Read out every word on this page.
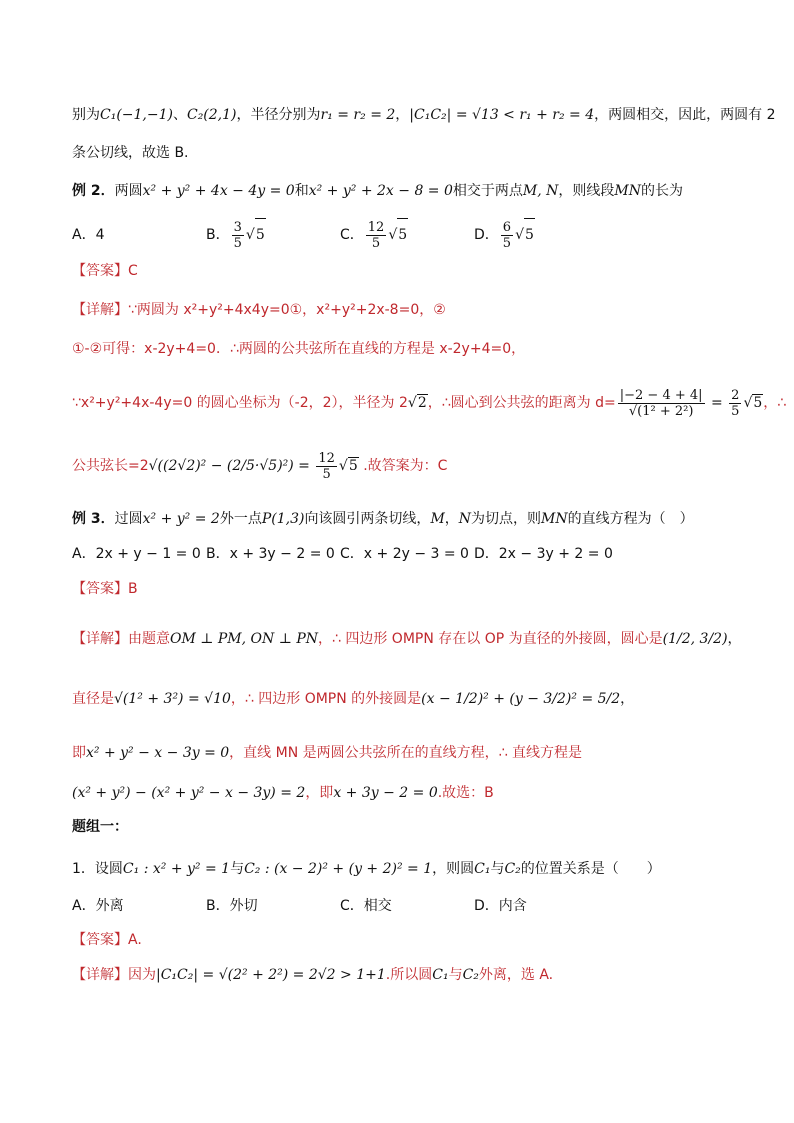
别为C₁(−1,−1)、C₂(2,1)，半径分别为r₁ = r₂ = 2，|C₁C₂| = √13 < r₁ + r₂ = 4，两圆相交，因此，两圆有 2
条公切线，故选 B.
例 2．两圆x² + y² + 4x − 4y = 0和x² + y² + 2x − 8 = 0相交于两点M, N，则线段MN的长为
A．4	B． $\frac{3}{5} √5$	C． $\frac{12}{5} √5$	D． $\frac{6}{5} √5$
【答案】C
【详解】∵两圆为 x²+y²+4x4y=0①，x²+y²+2x-8=0，②
①-②可得：x-2y+4=0．∴两圆的公共弦所在直线的方程是 x-2y+4=0，
∵x²+y²+4x-4y=0 的圆心坐标为（-2，2），半径为 2√2，∴圆心到公共弦的距离为 $d= \frac{|-2 - 4 + 4|}{\text{√(1² + 2²)}} = \frac{2}{5} √5$，∴
公共弦长$=2√((2√2)^2 - (2/5\cdot√5)^2) = \frac{12}{5} √5$ .故答案为：C
例 3．过圆x² + y² = 2外一点P(1,3)向该圆引两条切线，M，N为切点，则MN的直线方程为（　）
A．2x + y − 1 = 0 B．x + 3y − 2 = 0 C．x + 2y − 3 = 0 D．2x − 3y + 2 = 0
【答案】B
【详解】由题意OM ⊥ PM, ON ⊥ PN，∴ 四边形 OMPN 存在以 OP 为直径的外接圆，圆心是(1/2, 3/2)，
直径是√(1² + 3²) = √10，∴ 四边形 OMPN 的外接圆是(x − 1/2)² + (y − 3/2)² = 5/2，
即x² + y² − x − 3y = 0，直线 MN 是两圆公共弦所在的直线方程，∴ 直线方程是
(x² + y²) − (x² + y² − x − 3y) = 2，即x + 3y − 2 = 0.故选：B
题组一：
1．设圆C₁ : x² + y² = 1与C₂ : (x − 2)² + (y + 2)² = 1，则圆C₁与C₂的位置关系是（　　）
A．外离	B．外切	C．相交	D．内含
【答案】A.
【详解】因为|C₁C₂| = √(2² + 2²) = 2√2 > 1+1.所以圆C₁与C₂外离，选 A.
